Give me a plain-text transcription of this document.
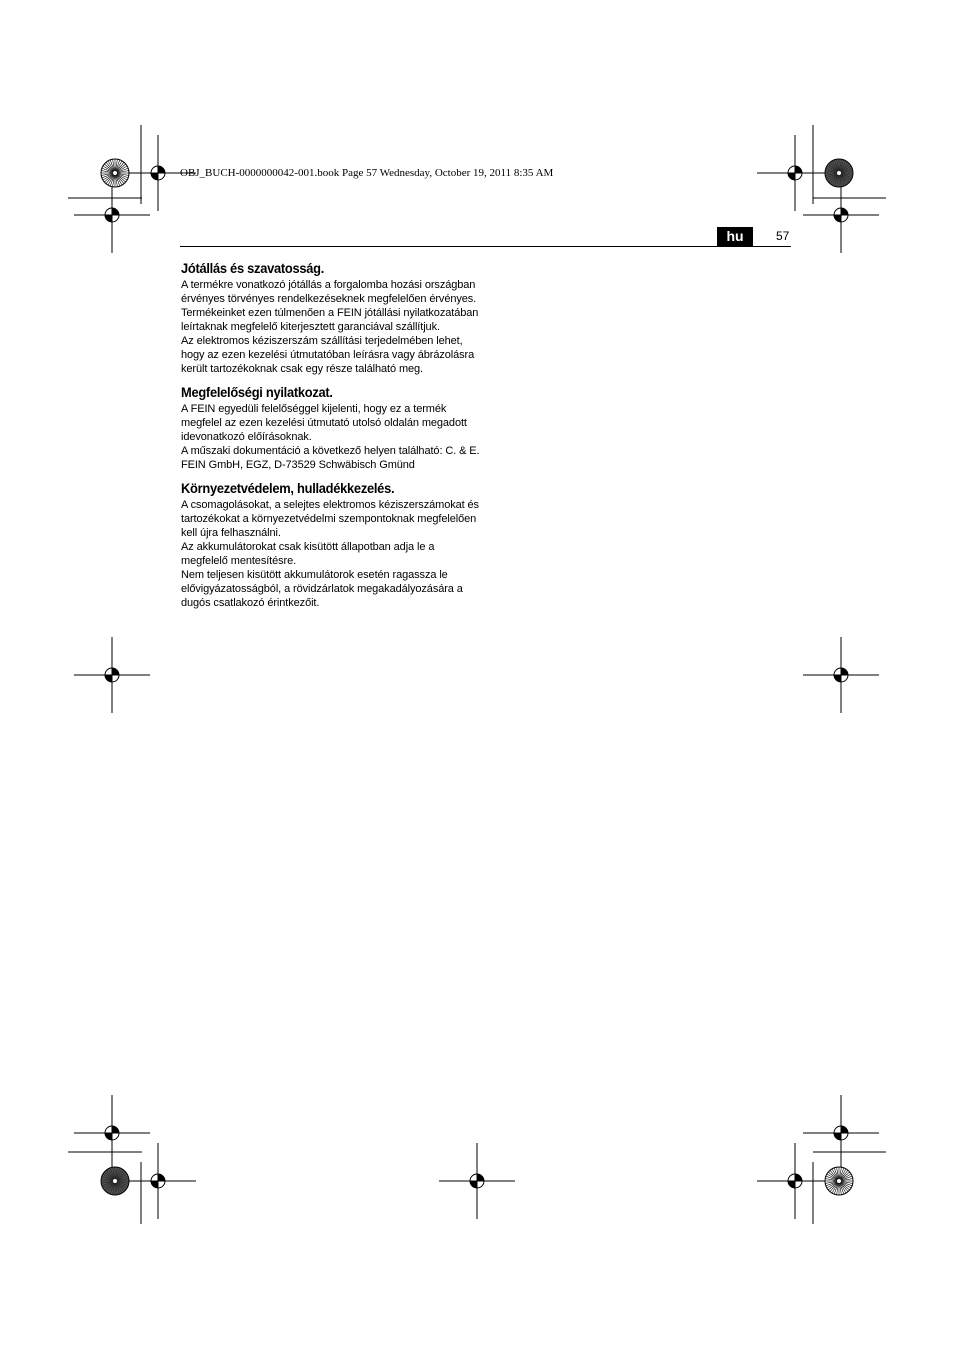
OBJ_BUCH-0000000042-001.book Page 57 Wednesday, October 19, 2011 8:35 AM
hu	57
Jótállás és szavatosság.

A termékre vonatkozó jótállás a forgalomba hozási országban érvényes törvényes rendelkezéseknek megfelelően érvényes. Termékeinket ezen túlmenően a FEIN jótállási nyilatkozatában leírtaknak megfelelő kiterjesztett garanciával szállítjuk.

Az elektromos kéziszerszám szállítási terjedelmében lehet, hogy az ezen kezelési útmutatóban leírásra vagy ábrázolásra került tartozékoknak csak egy része található meg.

Megfelelőségi nyilatkozat.

A FEIN egyedüli felelőséggel kijelenti, hogy ez a termék megfelel az ezen kezelési útmutató utolsó oldalán megadott idevonatkozó előírásoknak.

A műszaki dokumentáció a következő helyen található: C. & E. FEIN GmbH, EGZ, D-73529 Schwäbisch Gmünd

Környezetvédelem, hulladékkezelés.

A csomagolásokat, a selejtes elektromos kéziszerszámokat és tartozékokat a környezetvédelmi szempontoknak megfelelően kell újra felhasználni.

Az akkumulátorokat csak kisütött állapotban adja le a megfelelő mentesítésre.

Nem teljesen kisütött akkumulátorok esetén ragassza le elővigyázatosságból, a rövidzárlatok megakadályozására a dugós csatlakozó érintkezőit.
